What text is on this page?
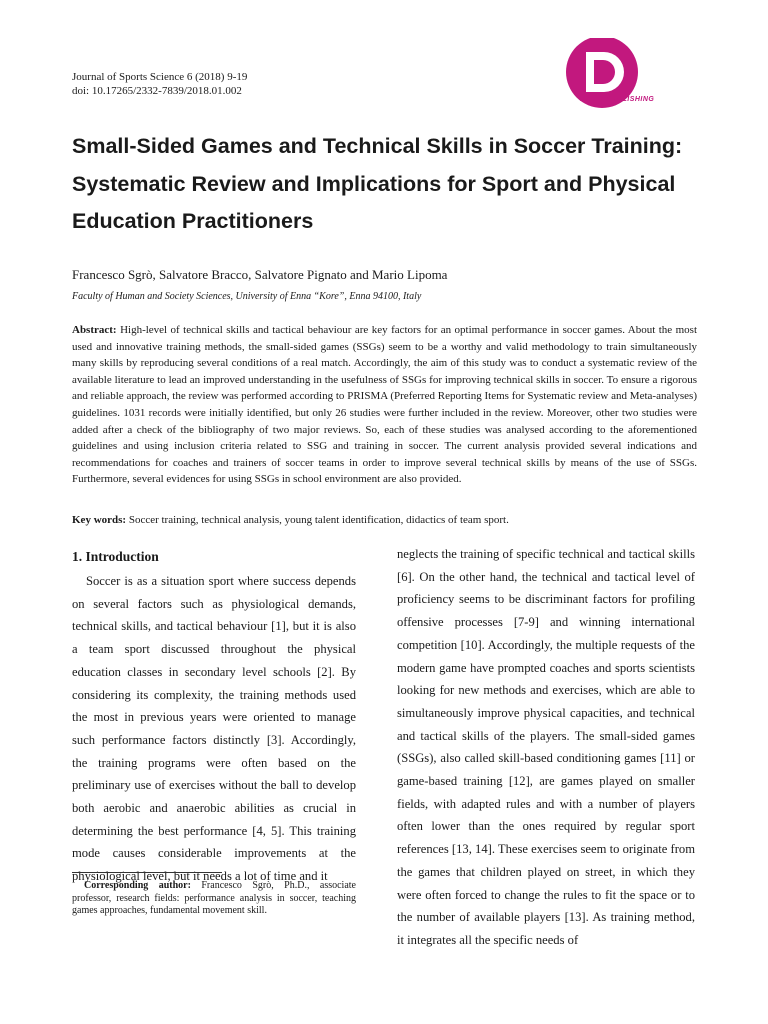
Journal of Sports Science 6 (2018) 9-19
doi: 10.17265/2332-7839/2018.01.002
DAVID PUBLISHING
Small-Sided Games and Technical Skills in Soccer Training: Systematic Review and Implications for Sport and Physical Education Practitioners
Francesco Sgrò, Salvatore Bracco, Salvatore Pignato and Mario Lipoma
Faculty of Human and Society Sciences, University of Enna “Kore”, Enna 94100, Italy

Abstract: High-level of technical skills and tactical behaviour are key factors for an optimal performance in soccer games. About the most used and innovative training methods, the small-sided games (SSGs) seem to be a worthy and valid methodology to train simultaneously many skills by reproducing several conditions of a real match. Accordingly, the aim of this study was to conduct a systematic review of the available literature to lead an improved understanding in the usefulness of SSGs for improving technical skills in soccer. To ensure a rigorous and reliable approach, the review was performed according to PRISMA (Preferred Reporting Items for Systematic review and Meta-analyses) guidelines. 1031 records were initially identified, but only 26 studies were further included in the review. Moreover, other two studies were added after a check of the bibliography of two major reviews. So, each of these studies was analysed according to the aforementioned guidelines and using inclusion criteria related to SSG and training in soccer. The current analysis provided several indications and recommendations for coaches and trainers of soccer teams in order to improve several technical skills by means of the use of SSGs. Furthermore, several evidences for using SSGs in school environment are also provided.

Key words: Soccer training, technical analysis, young talent identification, didactics of team sport.
1. Introduction

Soccer is as a situation sport where success depends on several factors such as physiological demands, technical skills, and tactical behaviour [1], but it is also a team sport discussed throughout the physical education classes in secondary level schools [2]. By considering its complexity, the training methods used the most in previous years were oriented to manage such performance factors distinctly [3]. Accordingly, the training programs were often based on the preliminary use of exercises without the ball to develop both aerobic and anaerobic abilities as crucial in determining the best performance [4, 5]. This training mode causes considerable improvements at the physiological level, but it needs a lot of time and it

neglects the training of specific technical and tactical skills [6]. On the other hand, the technical and tactical level of proficiency seems to be discriminant factors for profiling offensive processes [7-9] and winning international competition [10]. Accordingly, the multiple requests of the modern game have prompted coaches and sports scientists looking for new methods and exercises, which are able to simultaneously improve physical capacities, and technical and tactical skills of the players. The small-sided games (SSGs), also called skill-based conditioning games [11] or game-based training [12], are games played on smaller fields, with adapted rules and with a number of players often lower than the ones required by regular sport references [13, 14]. These exercises seem to originate from the games that children played on street, in which they were often forced to change the rules to fit the space or to the number of available players [13]. As training method, it integrates all the specific needs of

Corresponding author: Francesco Sgrò, Ph.D., associate professor, research fields: performance analysis in soccer, teaching games approaches, fundamental movement skill.
